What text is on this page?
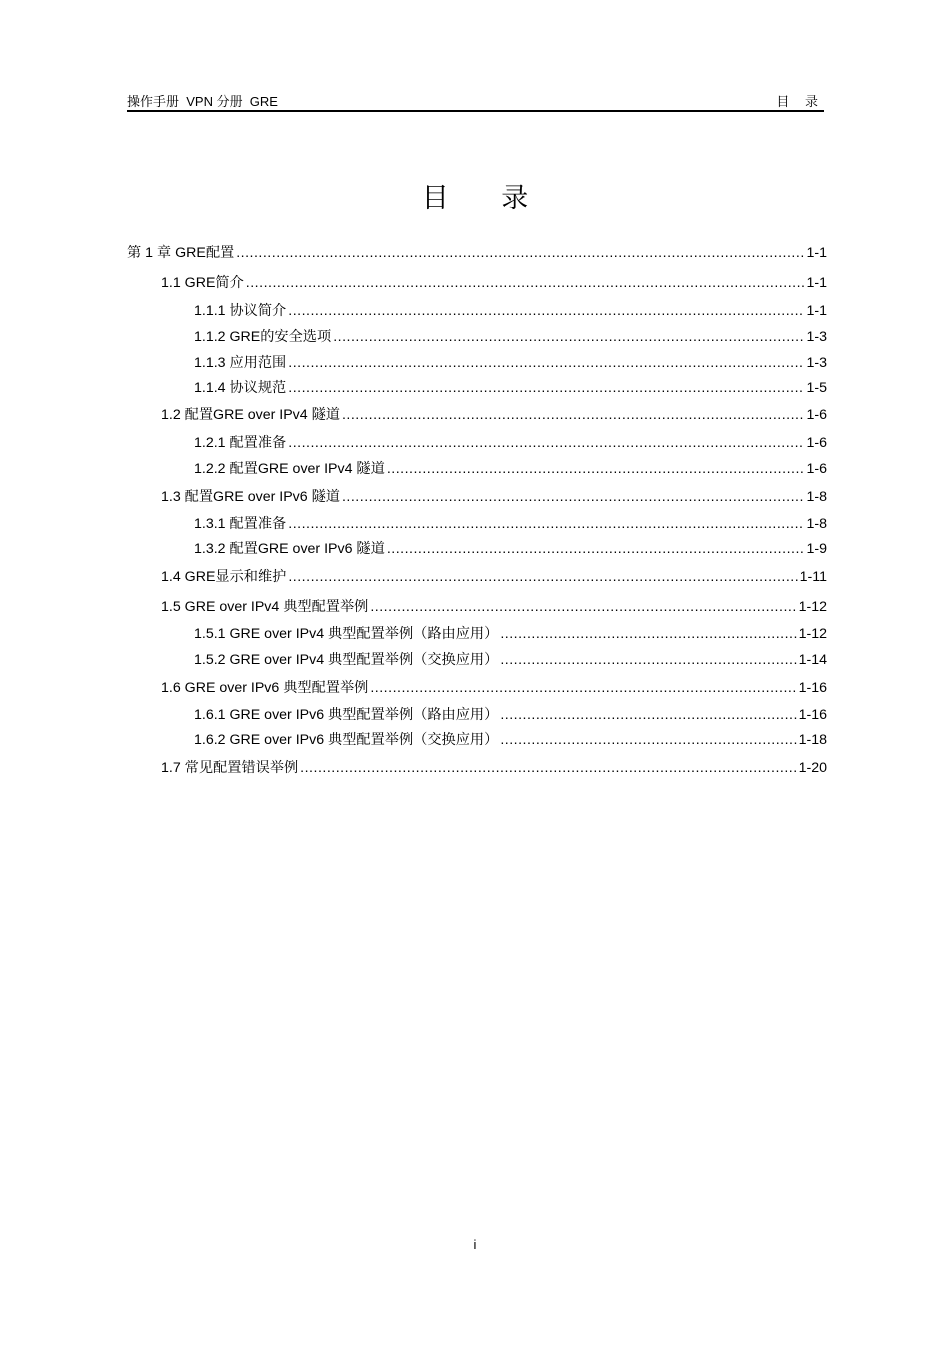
操作手册  VPN 分册  GRE	目 录
目 录
第 1 章 GRE配置 .....	1-1
1.1 GRE简介 .....	1-1
1.1.1 协议简介 .....	1-1
1.1.2 GRE的安全选项 .....	1-3
1.1.3 应用范围 .....	1-3
1.1.4 协议规范 .....	1-5
1.2 配置GRE over IPv4 隧道 .....	1-6
1.2.1 配置准备 .....	1-6
1.2.2 配置GRE over IPv4 隧道 .....	1-6
1.3 配置GRE over IPv6 隧道 .....	1-8
1.3.1 配置准备 .....	1-8
1.3.2 配置GRE over IPv6 隧道 .....	1-9
1.4 GRE显示和维护 .....	1-11
1.5 GRE over IPv4 典型配置举例 .....	1-12
1.5.1 GRE over IPv4 典型配置举例（路由应用） .....	1-12
1.5.2 GRE over IPv4 典型配置举例（交换应用） .....	1-14
1.6 GRE over IPv6 典型配置举例 .....	1-16
1.6.1 GRE over IPv6 典型配置举例（路由应用） .....	1-16
1.6.2 GRE over IPv6 典型配置举例（交换应用） .....	1-18
1.7 常见配置错误举例 .....	1-20
i
